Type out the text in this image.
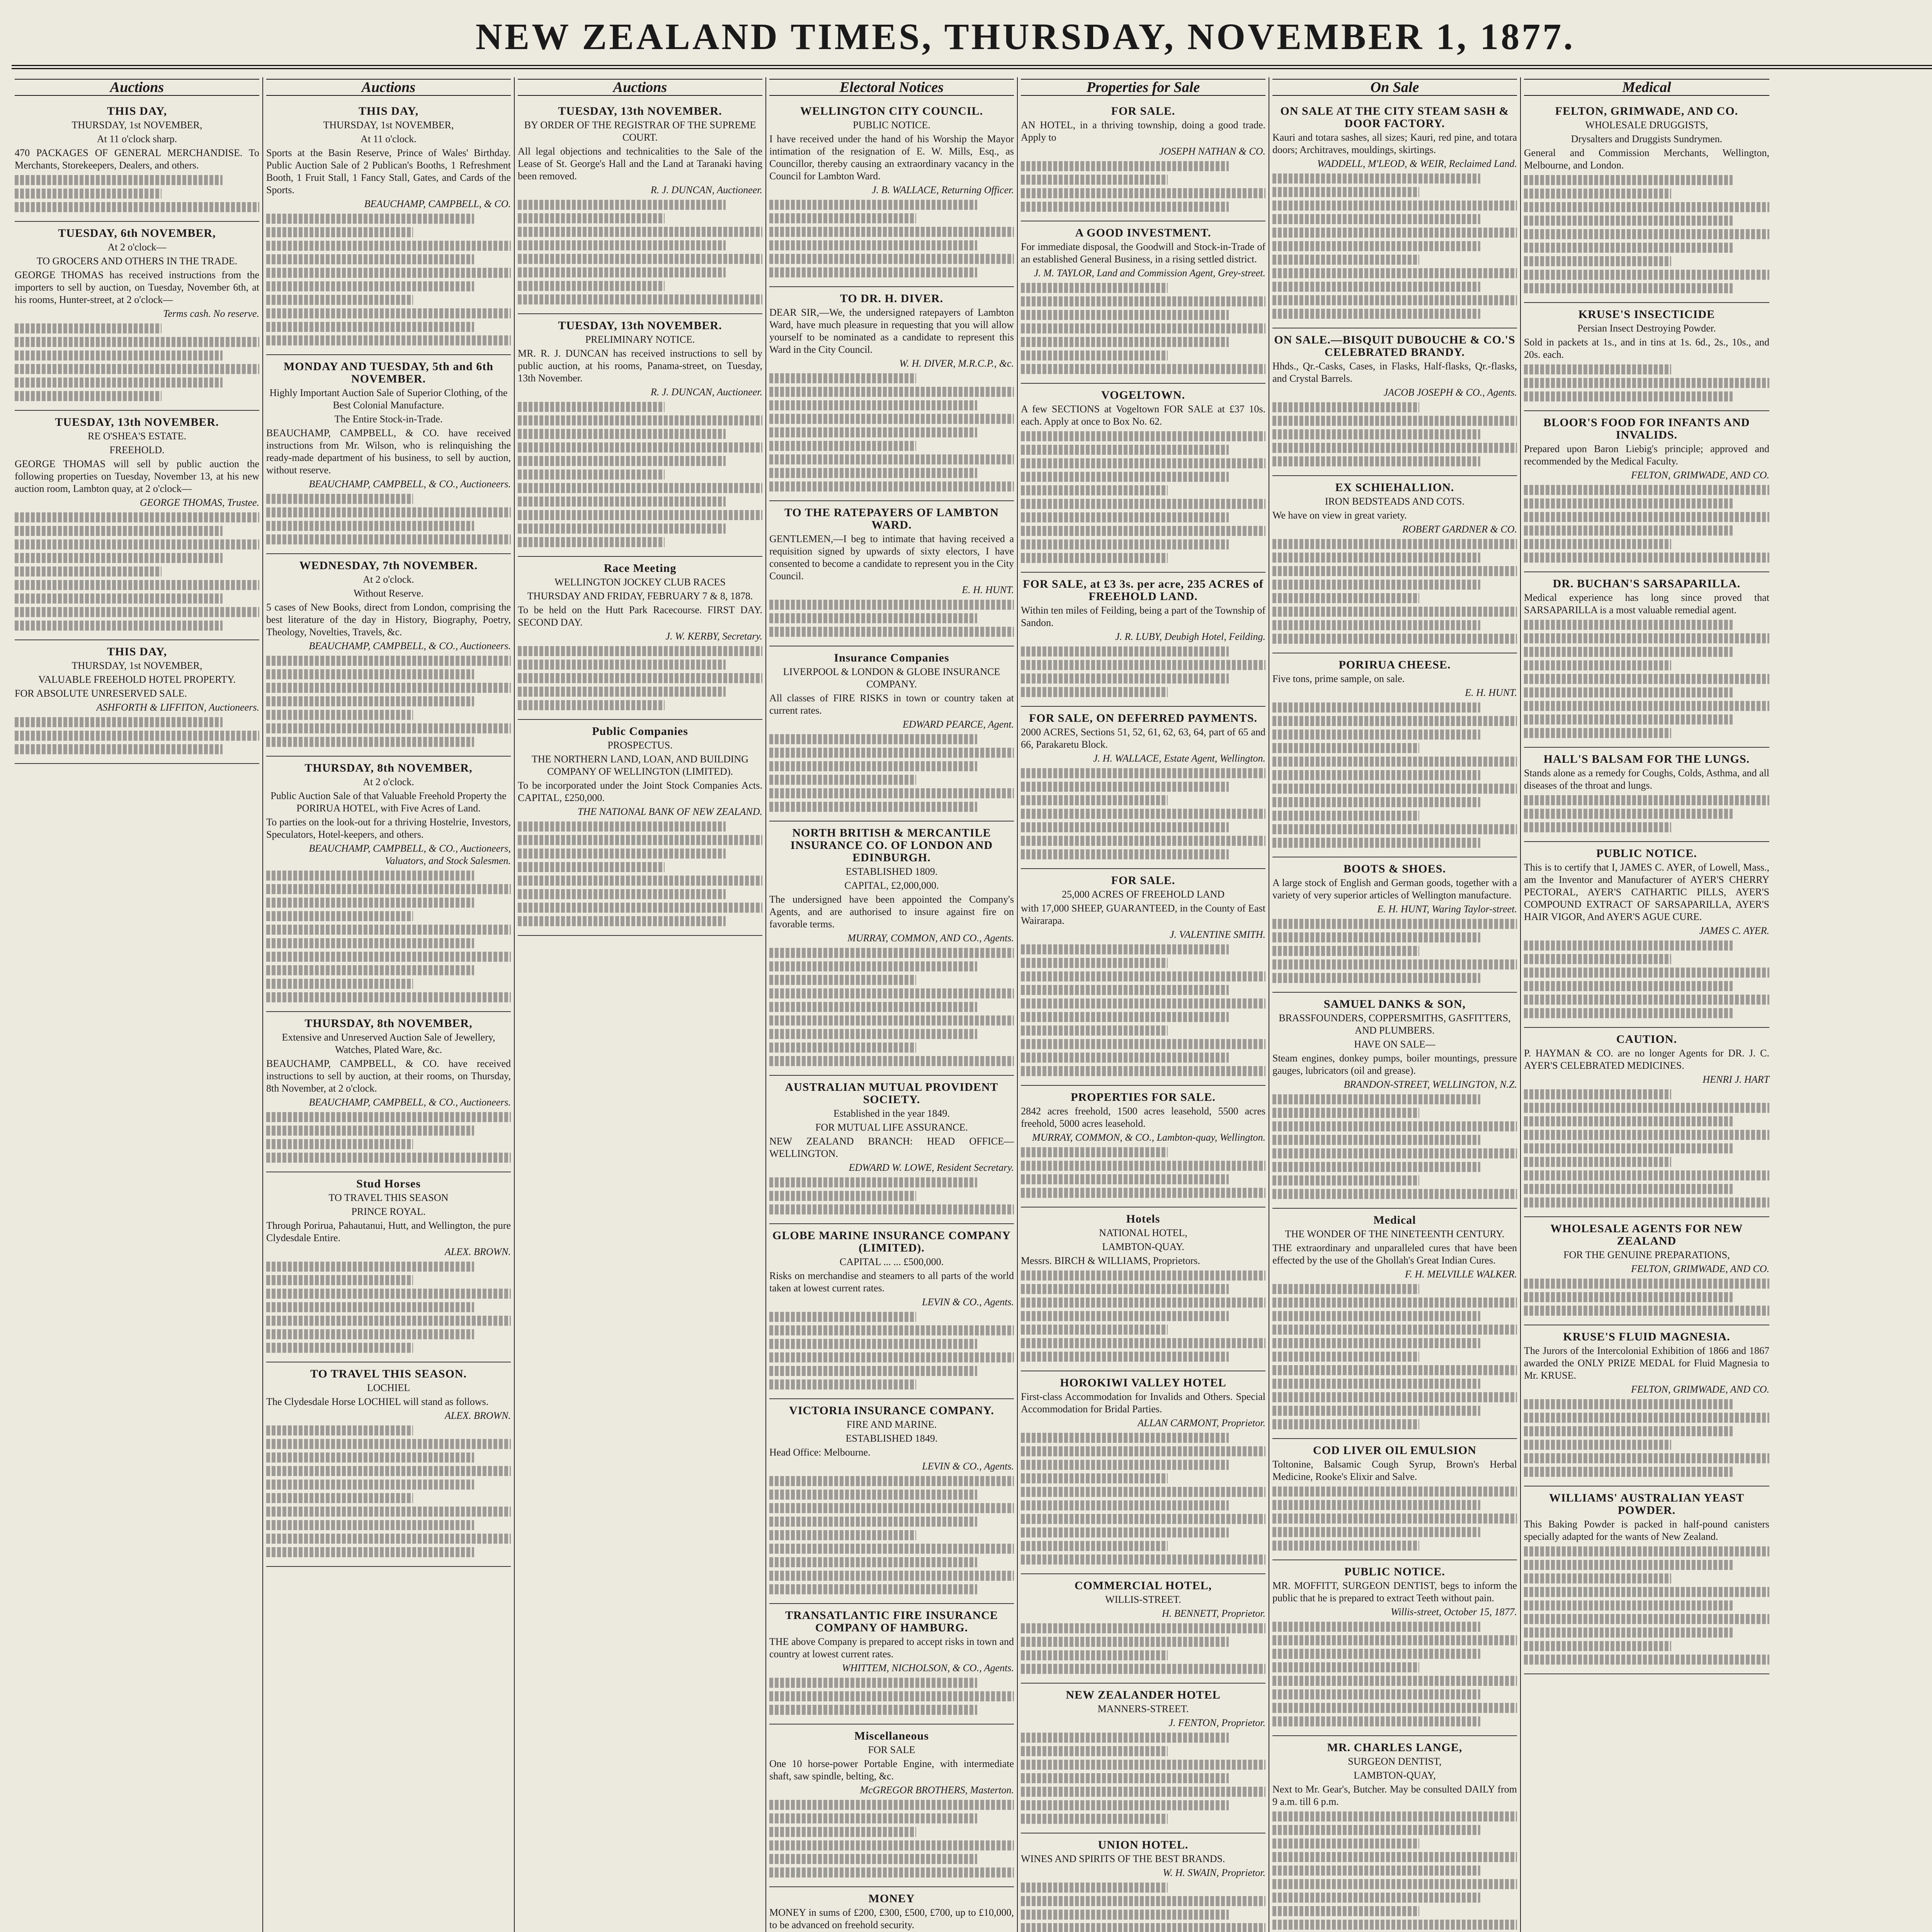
NEW ZEALAND TIMES, THURSDAY, NOVEMBER 1, 1877.
Auctions
THIS DAY,

THURSDAY, 1st NOVEMBER,

At 11 o'clock sharp.

470 PACKAGES OF GENERAL MERCHANDISE. To Merchants, Storekeepers, Dealers, and others.

TUESDAY, 6th NOVEMBER,

At 2 o'clock—

TO GROCERS AND OTHERS IN THE TRADE.

GEORGE THOMAS has received instructions from the importers to sell by auction, on Tuesday, November 6th, at his rooms, Hunter-street, at 2 o'clock—

Terms cash. No reserve.

TUESDAY, 13th NOVEMBER.

RE O'SHEA'S ESTATE.

FREEHOLD.

GEORGE THOMAS will sell by public auction the following properties on Tuesday, November 13, at his new auction room, Lambton quay, at 2 o'clock—

GEORGE THOMAS, Trustee.

THIS DAY,

THURSDAY, 1st NOVEMBER,

VALUABLE FREEHOLD HOTEL PROPERTY.

FOR ABSOLUTE UNRESERVED SALE.

ASHFORTH & LIFFITON, Auctioneers.

Auctions
THIS DAY,

THURSDAY, 1st NOVEMBER,

At 11 o'clock.

Sports at the Basin Reserve, Prince of Wales' Birthday. Public Auction Sale of 2 Publican's Booths, 1 Refreshment Booth, 1 Fruit Stall, 1 Fancy Stall, Gates, and Cards of the Sports.

BEAUCHAMP, CAMPBELL, & CO.

MONDAY AND TUESDAY, 5th and 6th NOVEMBER.

Highly Important Auction Sale of Superior Clothing, of the Best Colonial Manufacture.

The Entire Stock-in-Trade.

BEAUCHAMP, CAMPBELL, & CO. have received instructions from Mr. Wilson, who is relinquishing the ready-made department of his business, to sell by auction, without reserve.

BEAUCHAMP, CAMPBELL, & CO., Auctioneers.

WEDNESDAY, 7th NOVEMBER.

At 2 o'clock.

Without Reserve.

5 cases of New Books, direct from London, comprising the best literature of the day in History, Biography, Poetry, Theology, Novelties, Travels, &c.

BEAUCHAMP, CAMPBELL, & CO., Auctioneers.

THURSDAY, 8th NOVEMBER,

At 2 o'clock.

Public Auction Sale of that Valuable Freehold Property the PORIRUA HOTEL, with Five Acres of Land.

To parties on the look-out for a thriving Hostelrie, Investors, Speculators, Hotel-keepers, and others.

BEAUCHAMP, CAMPBELL, & CO., Auctioneers, Valuators, and Stock Salesmen.

THURSDAY, 8th NOVEMBER,

Extensive and Unreserved Auction Sale of Jewellery, Watches, Plated Ware, &c.

BEAUCHAMP, CAMPBELL, & CO. have received instructions to sell by auction, at their rooms, on Thursday, 8th November, at 2 o'clock.

BEAUCHAMP, CAMPBELL, & CO., Auctioneers.

Stud Horses

TO TRAVEL THIS SEASON

PRINCE ROYAL.

Through Porirua, Pahautanui, Hutt, and Wellington, the pure Clydesdale Entire.

ALEX. BROWN.

TO TRAVEL THIS SEASON.

LOCHIEL

The Clydesdale Horse LOCHIEL will stand as follows.

ALEX. BROWN.

Auctions
TUESDAY, 13th NOVEMBER.

BY ORDER OF THE REGISTRAR OF THE SUPREME COURT.

All legal objections and technicalities to the Sale of the Lease of St. George's Hall and the Land at Taranaki having been removed.

R. J. DUNCAN, Auctioneer.

TUESDAY, 13th NOVEMBER.

PRELIMINARY NOTICE.

MR. R. J. DUNCAN has received instructions to sell by public auction, at his rooms, Panama-street, on Tuesday, 13th November.

R. J. DUNCAN, Auctioneer.

Race Meeting

WELLINGTON JOCKEY CLUB RACES

THURSDAY AND FRIDAY, FEBRUARY 7 & 8, 1878.

To be held on the Hutt Park Racecourse. FIRST DAY. SECOND DAY.

J. W. KERBY, Secretary.

Public Companies

PROSPECTUS.

THE NORTHERN LAND, LOAN, AND BUILDING COMPANY OF WELLINGTON (LIMITED).

To be incorporated under the Joint Stock Companies Acts. CAPITAL, £250,000.

THE NATIONAL BANK OF NEW ZEALAND.

Electoral Notices
WELLINGTON CITY COUNCIL.

PUBLIC NOTICE.

I have received under the hand of his Worship the Mayor intimation of the resignation of E. W. Mills, Esq., as Councillor, thereby causing an extraordinary vacancy in the Council for Lambton Ward.

J. B. WALLACE, Returning Officer.

TO DR. H. DIVER.

DEAR SIR,—We, the undersigned ratepayers of Lambton Ward, have much pleasure in requesting that you will allow yourself to be nominated as a candidate to represent this Ward in the City Council.

W. H. DIVER, M.R.C.P., &c.

TO THE RATEPAYERS OF LAMBTON WARD.

GENTLEMEN,—I beg to intimate that having received a requisition signed by upwards of sixty electors, I have consented to become a candidate to represent you in the City Council.

E. H. HUNT.

Insurance Companies

LIVERPOOL & LONDON & GLOBE INSURANCE COMPANY.

All classes of FIRE RISKS in town or country taken at current rates.

EDWARD PEARCE, Agent.

NORTH BRITISH & MERCANTILE INSURANCE CO. OF LONDON AND EDINBURGH.

ESTABLISHED 1809.

CAPITAL, £2,000,000.

The undersigned have been appointed the Company's Agents, and are authorised to insure against fire on favorable terms.

MURRAY, COMMON, AND CO., Agents.

AUSTRALIAN MUTUAL PROVIDENT SOCIETY.

Established in the year 1849.

FOR MUTUAL LIFE ASSURANCE.

NEW ZEALAND BRANCH: HEAD OFFICE—WELLINGTON.

EDWARD W. LOWE, Resident Secretary.

GLOBE MARINE INSURANCE COMPANY (LIMITED).

CAPITAL ... ... £500,000.

Risks on merchandise and steamers to all parts of the world taken at lowest current rates.

LEVIN & CO., Agents.

VICTORIA INSURANCE COMPANY.

FIRE AND MARINE.

ESTABLISHED 1849.

Head Office: Melbourne.

LEVIN & CO., Agents.

TRANSATLANTIC FIRE INSURANCE COMPANY OF HAMBURG.

THE above Company is prepared to accept risks in town and country at lowest current rates.

WHITTEM, NICHOLSON, & CO., Agents.

Miscellaneous

FOR SALE

One 10 horse-power Portable Engine, with intermediate shaft, saw spindle, belting, &c.

McGREGOR BROTHERS, Masterton.

MONEY

MONEY in sums of £200, £300, £500, £700, up to £10,000, to be advanced on freehold security.

Properties for Sale
FOR SALE.

AN HOTEL, in a thriving township, doing a good trade. Apply to

JOSEPH NATHAN & CO.

A GOOD INVESTMENT.

For immediate disposal, the Goodwill and Stock-in-Trade of an established General Business, in a rising settled district.

J. M. TAYLOR, Land and Commission Agent, Grey-street.

VOGELTOWN.

A few SECTIONS at Vogeltown FOR SALE at £37 10s. each. Apply at once to Box No. 62.

FOR SALE, at £3 3s. per acre, 235 ACRES of FREEHOLD LAND.

Within ten miles of Feilding, being a part of the Township of Sandon.

J. R. LUBY, Deubigh Hotel, Feilding.

FOR SALE, ON DEFERRED PAYMENTS.

2000 ACRES, Sections 51, 52, 61, 62, 63, 64, part of 65 and 66, Parakaretu Block.

J. H. WALLACE, Estate Agent, Wellington.

FOR SALE.

25,000 ACRES OF FREEHOLD LAND

with 17,000 SHEEP, GUARANTEED, in the County of East Wairarapa.

J. VALENTINE SMITH.

PROPERTIES FOR SALE.

2842 acres freehold, 1500 acres leasehold, 5500 acres freehold, 5000 acres leasehold.

MURRAY, COMMON, & CO., Lambton-quay, Wellington.

Hotels

NATIONAL HOTEL,

LAMBTON-QUAY.

Messrs. BIRCH & WILLIAMS, Proprietors.

HOROKIWI VALLEY HOTEL

First-class Accommodation for Invalids and Others. Special Accommodation for Bridal Parties.

ALLAN CARMONT, Proprietor.

COMMERCIAL HOTEL,

WILLIS-STREET.

H. BENNETT, Proprietor.

NEW ZEALANDER HOTEL

MANNERS-STREET.

J. FENTON, Proprietor.

UNION HOTEL.

WINES AND SPIRITS OF THE BEST BRANDS.

W. H. SWAIN, Proprietor.

On Sale
ON SALE AT THE CITY STEAM SASH & DOOR FACTORY.

Kauri and totara sashes, all sizes; Kauri, red pine, and totara doors; Architraves, mouldings, skirtings.

WADDELL, M'LEOD, & WEIR, Reclaimed Land.

ON SALE.—BISQUIT DUBOUCHE & CO.'S CELEBRATED BRANDY.

Hhds., Qr.-Casks, Cases, in Flasks, Half-flasks, Qr.-flasks, and Crystal Barrels.

JACOB JOSEPH & CO., Agents.

EX SCHIEHALLION.

IRON BEDSTEADS AND COTS.

We have on view in great variety.

ROBERT GARDNER & CO.

PORIRUA CHEESE.

Five tons, prime sample, on sale.

E. H. HUNT.

BOOTS & SHOES.

A large stock of English and German goods, together with a variety of very superior articles of Wellington manufacture.

E. H. HUNT, Waring Taylor-street.

SAMUEL DANKS & SON,

BRASSFOUNDERS, COPPERSMITHS, GASFITTERS, AND PLUMBERS.

HAVE ON SALE—

Steam engines, donkey pumps, boiler mountings, pressure gauges, lubricators (oil and grease).

BRANDON-STREET, WELLINGTON, N.Z.

Medical

THE WONDER OF THE NINETEENTH CENTURY.

THE extraordinary and unparalleled cures that have been effected by the use of the Ghollah's Great Indian Cures.

F. H. MELVILLE WALKER.

COD LIVER OIL EMULSION

Toltonine, Balsamic Cough Syrup, Brown's Herbal Medicine, Rooke's Elixir and Salve.

PUBLIC NOTICE.

MR. MOFFITT, SURGEON DENTIST, begs to inform the public that he is prepared to extract Teeth without pain.

Willis-street, October 15, 1877.

MR. CHARLES LANGE,

SURGEON DENTIST,

LAMBTON-QUAY,

Next to Mr. Gear's, Butcher. May be consulted DAILY from 9 a.m. till 6 p.m.

Medical
FELTON, GRIMWADE, AND CO.

WHOLESALE DRUGGISTS,

Drysalters and Druggists Sundrymen.

General and Commission Merchants, Wellington, Melbourne, and London.

KRUSE'S INSECTICIDE

Persian Insect Destroying Powder.

Sold in packets at 1s., and in tins at 1s. 6d., 2s., 10s., and 20s. each.

BLOOR'S FOOD FOR INFANTS AND INVALIDS.

Prepared upon Baron Liebig's principle; approved and recommended by the Medical Faculty.

FELTON, GRIMWADE, AND CO.

DR. BUCHAN'S SARSAPARILLA.

Medical experience has long since proved that SARSAPARILLA is a most valuable remedial agent.

HALL'S BALSAM FOR THE LUNGS.

Stands alone as a remedy for Coughs, Colds, Asthma, and all diseases of the throat and lungs.

PUBLIC NOTICE.

This is to certify that I, JAMES C. AYER, of Lowell, Mass., am the Inventor and Manufacturer of AYER'S CHERRY PECTORAL, AYER'S CATHARTIC PILLS, AYER'S COMPOUND EXTRACT OF SARSAPARILLA, AYER'S HAIR VIGOR, And AYER'S AGUE CURE.

JAMES C. AYER.

CAUTION.

P. HAYMAN & CO. are no longer Agents for DR. J. C. AYER'S CELEBRATED MEDICINES.

HENRI J. HART

WHOLESALE AGENTS FOR NEW ZEALAND

FOR THE GENUINE PREPARATIONS,

FELTON, GRIMWADE, AND CO.

KRUSE'S FLUID MAGNESIA.

The Jurors of the Intercolonial Exhibition of 1866 and 1867 awarded the ONLY PRIZE MEDAL for Fluid Magnesia to Mr. KRUSE.

FELTON, GRIMWADE, AND CO.

WILLIAMS' AUSTRALIAN YEAST POWDER.

This Baking Powder is packed in half-pound canisters specially adapted for the wants of New Zealand.
